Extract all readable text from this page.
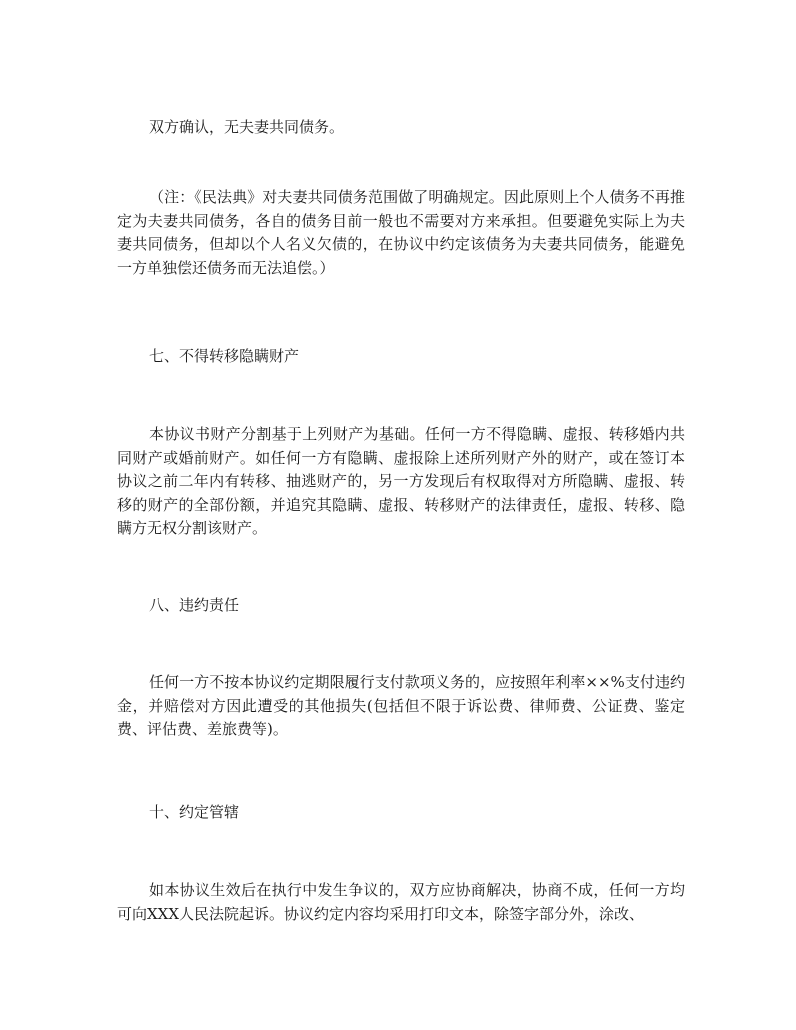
双方确认，无夫妻共同债务。

（注：《民法典》对夫妻共同债务范围做了明确规定。因此原则上个人债务不再推定为夫妻共同债务，各自的债务目前一般也不需要对方来承担。但要避免实际上为夫妻共同债务，但却以个人名义欠债的，在协议中约定该债务为夫妻共同债务，能避免一方单独偿还债务而无法追偿。）

七、不得转移隐瞒财产

本协议书财产分割基于上列财产为基础。任何一方不得隐瞒、虚报、转移婚内共同财产或婚前财产。如任何一方有隐瞒、虚报除上述所列财产外的财产，或在签订本协议之前二年内有转移、抽逃财产的，另一方发现后有权取得对方所隐瞒、虚报、转移的财产的全部份额，并追究其隐瞒、虚报、转移财产的法律责任，虚报、转移、隐瞒方无权分割该财产。

八、违约责任

任何一方不按本协议约定期限履行支付款项义务的，应按照年利率××%支付违约金，并赔偿对方因此遭受的其他损失(包括但不限于诉讼费、律师费、公证费、鉴定费、评估费、差旅费等)。

十、约定管辖

如本协议生效后在执行中发生争议的，双方应协商解决，协商不成，任何一方均可向XXX人民法院起诉。协议约定内容均采用打印文本，除签字部分外，涂改、
